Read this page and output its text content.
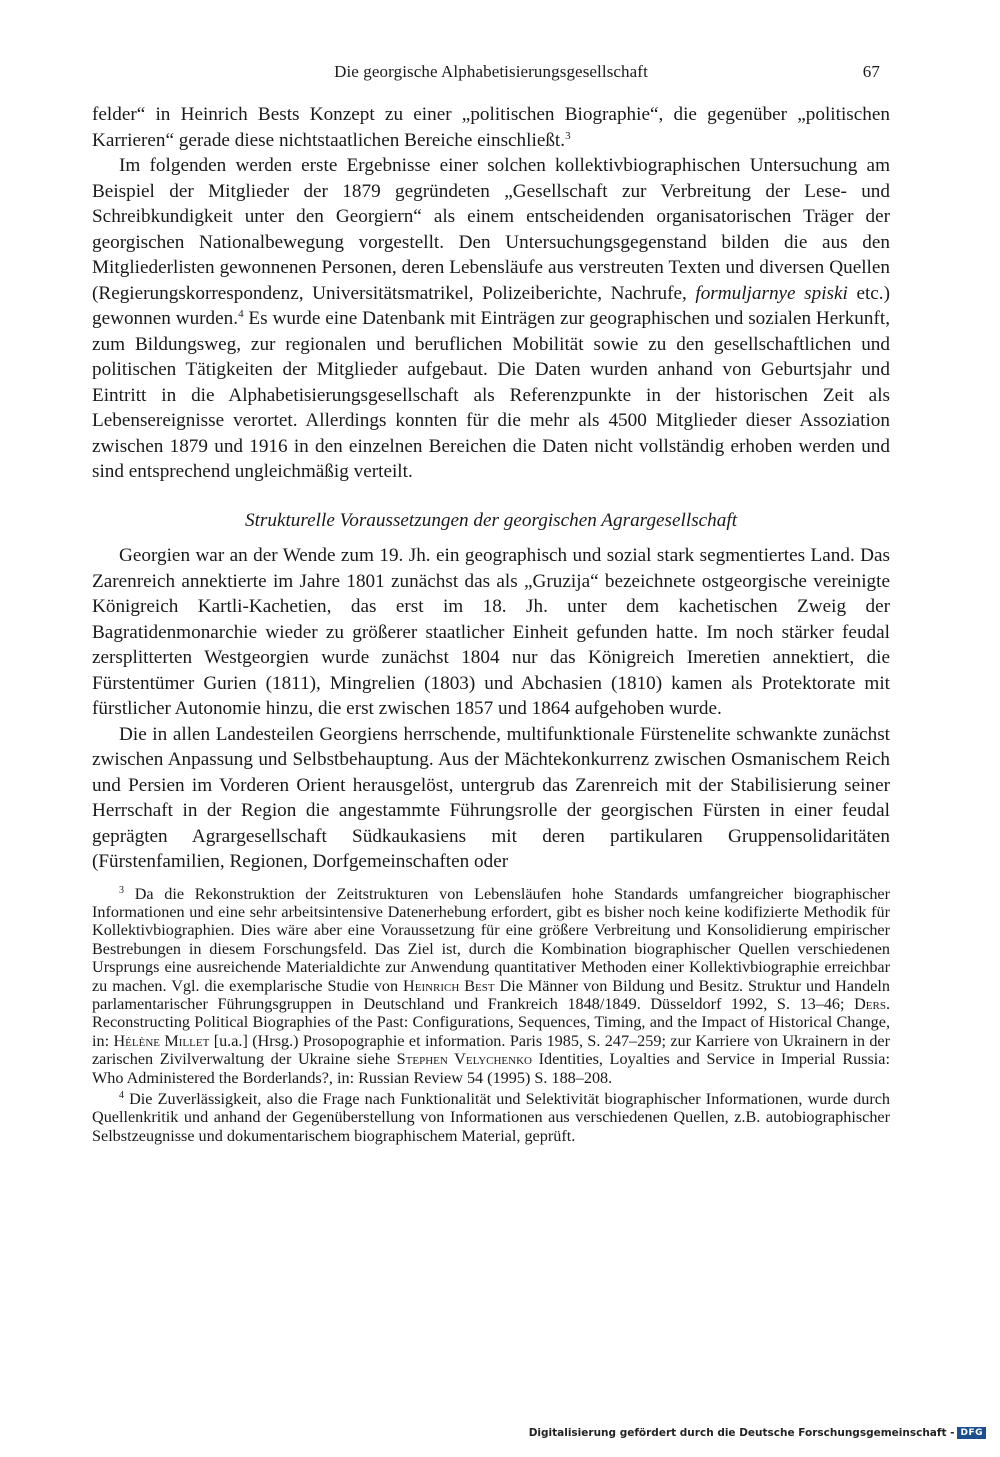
Die georgische Alphabetisierungsgesellschaft	67

felder“ in Heinrich Bests Konzept zu einer „politischen Biographie“, die gegenüber „politischen Karrieren“ gerade diese nichtstaatlichen Bereiche einschließt.$^3$

Im folgenden werden erste Ergebnisse einer solchen kollektivbiographischen Untersuchung am Beispiel der Mitglieder der 1879 gegründeten „Gesellschaft zur Verbreitung der Lese- und Schreibkundigkeit unter den Georgiern“ als einem entscheidenden organisatorischen Träger der georgischen Nationalbewegung vorgestellt. Den Untersuchungsgegenstand bilden die aus den Mitgliederlisten gewonnenen Personen, deren Lebensläufe aus verstreuten Texten und diversen Quellen (Regierungskorrespondenz, Universitätsmatrikel, Polizeiberichte, Nachrufe, formuljarnye spiski etc.) gewonnen wurden.$^4$ Es wurde eine Datenbank mit Einträgen zur geographischen und sozialen Herkunft, zum Bildungsweg, zur regionalen und beruflichen Mobilität sowie zu den gesellschaftlichen und politischen Tätigkeiten der Mitglieder aufgebaut. Die Daten wurden anhand von Geburtsjahr und Eintritt in die Alphabetisierungsgesellschaft als Referenzpunkte in der historischen Zeit als Lebensereignisse verortet. Allerdings konnten für die mehr als 4500 Mitglieder dieser Assoziation zwischen 1879 und 1916 in den einzelnen Bereichen die Daten nicht vollständig erhoben werden und sind entsprechend ungleichmäßig verteilt.

Strukturelle Voraussetzungen der georgischen Agrargesellschaft

Georgien war an der Wende zum 19. Jh. ein geographisch und sozial stark segmentiertes Land. Das Zarenreich annektierte im Jahre 1801 zunächst das als „Gruzija“ bezeichnete ostgeorgische vereinigte Königreich Kartli-Kachetien, das erst im 18. Jh. unter dem kachetischen Zweig der Bagratidenmonarchie wieder zu größerer staatlicher Einheit gefunden hatte. Im noch stärker feudal zersplitterten Westgeorgien wurde zunächst 1804 nur das Königreich Imeretien annektiert, die Fürstentümer Gurien (1811), Mingrelien (1803) und Abchasien (1810) kamen als Protektorate mit fürstlicher Autonomie hinzu, die erst zwischen 1857 und 1864 aufgehoben wurde.

Die in allen Landesteilen Georgiens herrschende, multifunktionale Fürstenelite schwankte zunächst zwischen Anpassung und Selbstbehauptung. Aus der Mächtekonkurrenz zwischen Osmanischem Reich und Persien im Vorderen Orient herausgelöst, untergrub das Zarenreich mit der Stabilisierung seiner Herrschaft in der Region die angestammte Führungsrolle der georgischen Fürsten in einer feudal geprägten Agrargesellschaft Südkaukasiens mit deren partikularen Gruppensolidaritäten (Fürstenfamilien, Regionen, Dorfgemeinschaften oder

$^3$ Da die Rekonstruktion der Zeitstrukturen von Lebensläufen hohe Standards umfangreicher biographischer Informationen und eine sehr arbeitsintensive Datenerhebung erfordert, gibt es bisher noch keine kodifizierte Methodik für Kollektivbiographien. Dies wäre aber eine Voraussetzung für eine größere Verbreitung und Konsolidierung empirischer Bestrebungen in diesem Forschungsfeld. Das Ziel ist, durch die Kombination biographischer Quellen verschiedenen Ursprungs eine ausreichende Materialdichte zur Anwendung quantitativer Methoden einer Kollektivbiographie erreichbar zu machen. Vgl. die exemplarische Studie von Heinrich Best Die Männer von Bildung und Besitz. Struktur und Handeln parlamentarischer Führungsgruppen in Deutschland und Frankreich 1848/1849. Düsseldorf 1992, S. 13–46; Ders. Reconstructing Political Biographies of the Past: Configurations, Sequences, Timing, and the Impact of Historical Change, in: Hélène Millet [u.a.] (Hrsg.) Prosopographie et information. Paris 1985, S. 247–259; zur Karriere von Ukrainern in der zarischen Zivilverwaltung der Ukraine siehe Stephen Velychenko Identities, Loyalties and Service in Imperial Russia: Who Administered the Borderlands?, in: Russian Review 54 (1995) S. 188–208.

$^4$ Die Zuverlässigkeit, also die Frage nach Funktionalität und Selektivität biographischer Informationen, wurde durch Quellenkritik und anhand der Gegenüberstellung von Informationen aus verschiedenen Quellen, z.B. autobiographischer Selbstzeugnisse und dokumentarischem biographischem Material, geprüft.

Digitalisierung gefördert durch die Deutsche Forschungsgemeinschaft - DFG
